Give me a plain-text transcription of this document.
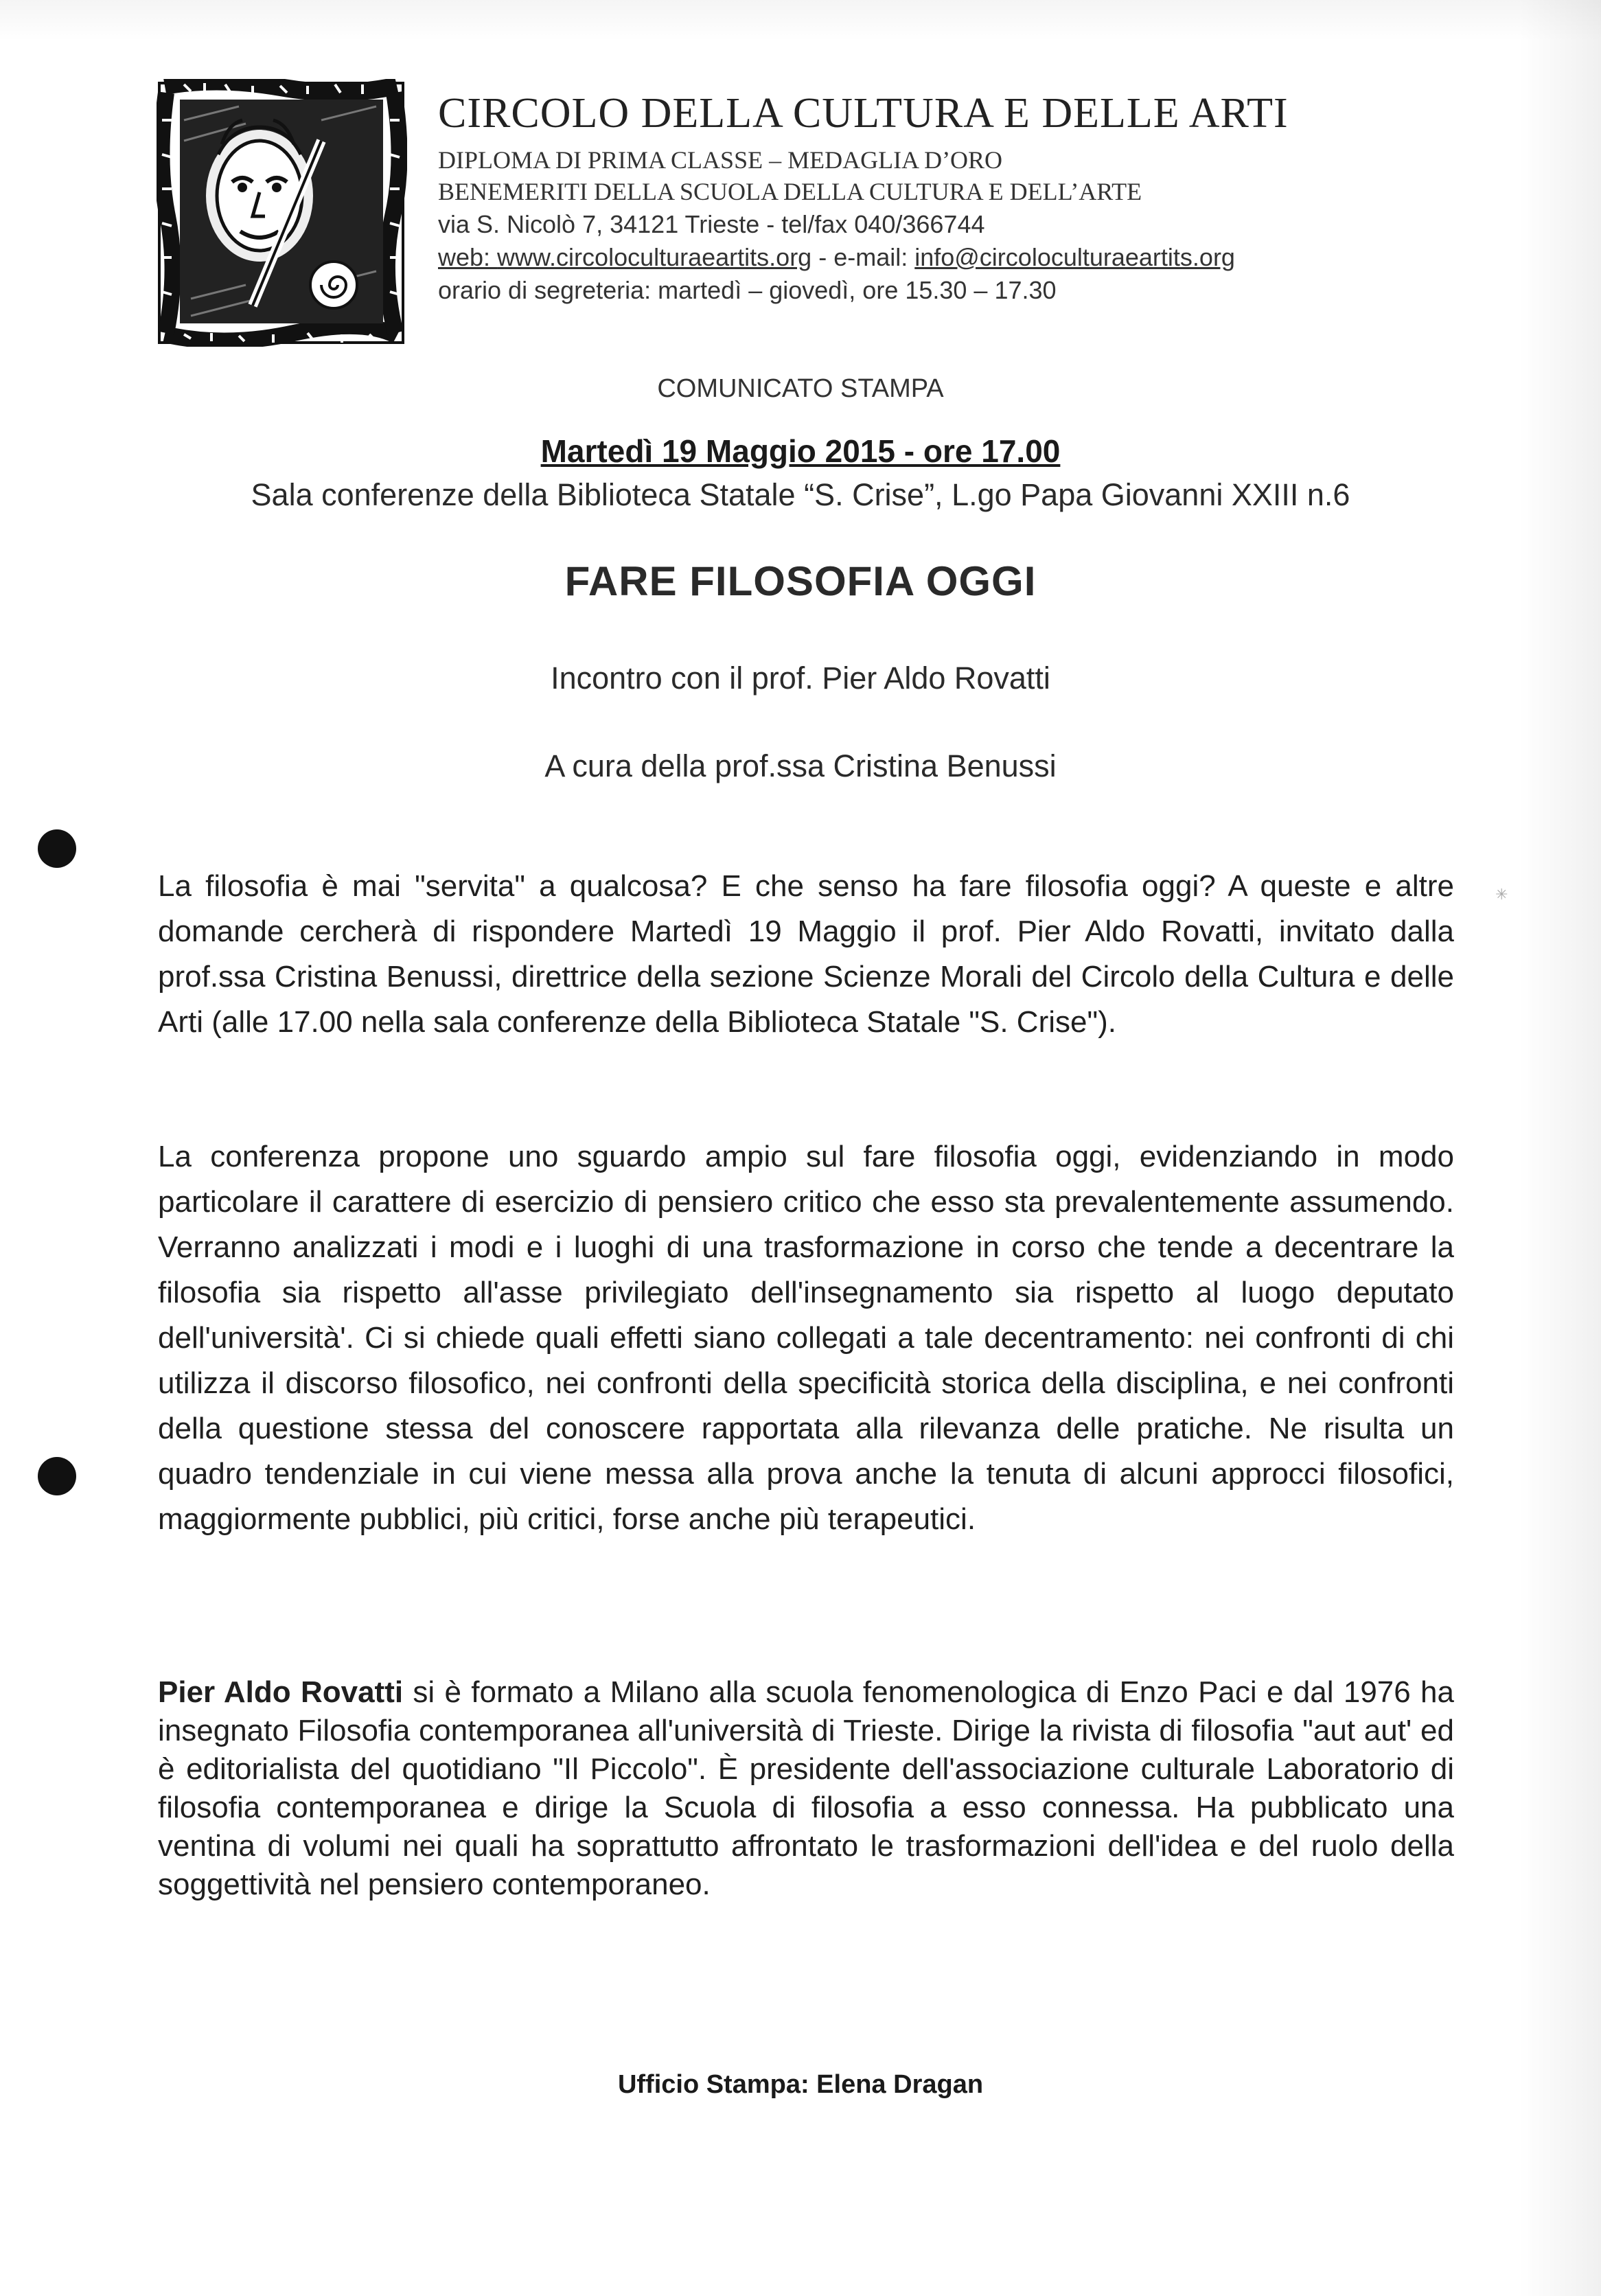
CIRCOLO DELLA CULTURA E DELLE ARTI
DIPLOMA DI PRIMA CLASSE – MEDAGLIA D’ORO
BENEMERITI DELLA SCUOLA DELLA CULTURA E DELL’ARTE
via S. Nicolò 7, 34121 Trieste - tel/fax 040/366744
web: www.circoloculturaeartits.org - e-mail: info@circoloculturaeartits.org
orario di segreteria: martedì – giovedì, ore 15.30 – 17.30
COMUNICATO STAMPA
Martedì 19 Maggio 2015 - ore 17.00
Sala conferenze della Biblioteca Statale “S. Crise”, L.go Papa Giovanni XXIII n.6
FARE FILOSOFIA OGGI
Incontro con il prof. Pier Aldo Rovatti
A cura della prof.ssa Cristina Benussi
La filosofia è mai "servita" a qualcosa? E che senso ha fare filosofia oggi? A queste e altre domande cercherà di rispondere Martedì 19 Maggio il prof. Pier Aldo Rovatti, invitato dalla prof.ssa Cristina Benussi, direttrice della sezione Scienze Morali del Circolo della Cultura e delle Arti (alle 17.00 nella sala conferenze della Biblioteca Statale "S. Crise").
La conferenza propone uno sguardo ampio sul fare filosofia oggi, evidenziando in modo particolare il carattere di esercizio di pensiero critico che esso sta prevalentemente assumendo. Verranno analizzati i modi e i luoghi di una trasformazione in corso che tende a decentrare la filosofia sia rispetto all'asse privilegiato dell'insegnamento sia rispetto al luogo deputato dell'università'. Ci si chiede quali effetti siano collegati a tale decentramento: nei confronti di chi utilizza il discorso filosofico, nei confronti della specificità storica della disciplina, e nei confronti della questione stessa del conoscere rapportata alla rilevanza delle pratiche. Ne risulta un quadro tendenziale in cui viene messa alla prova anche la tenuta di alcuni approcci filosofici, maggiormente pubblici, più critici, forse anche più terapeutici.
Pier Aldo Rovatti si è formato a Milano alla scuola fenomenologica di Enzo Paci e dal 1976 ha insegnato Filosofia contemporanea all'università di Trieste. Dirige la rivista di filosofia "aut aut' ed è editorialista del quotidiano "Il Piccolo". È presidente dell'associazione culturale Laboratorio di filosofia contemporanea e dirige la Scuola di filosofia a esso connessa. Ha pubblicato una ventina di volumi nei quali ha soprattutto affrontato le trasformazioni dell'idea e del ruolo della soggettività nel pensiero contemporaneo.
Ufficio Stampa: Elena Dragan
✳
